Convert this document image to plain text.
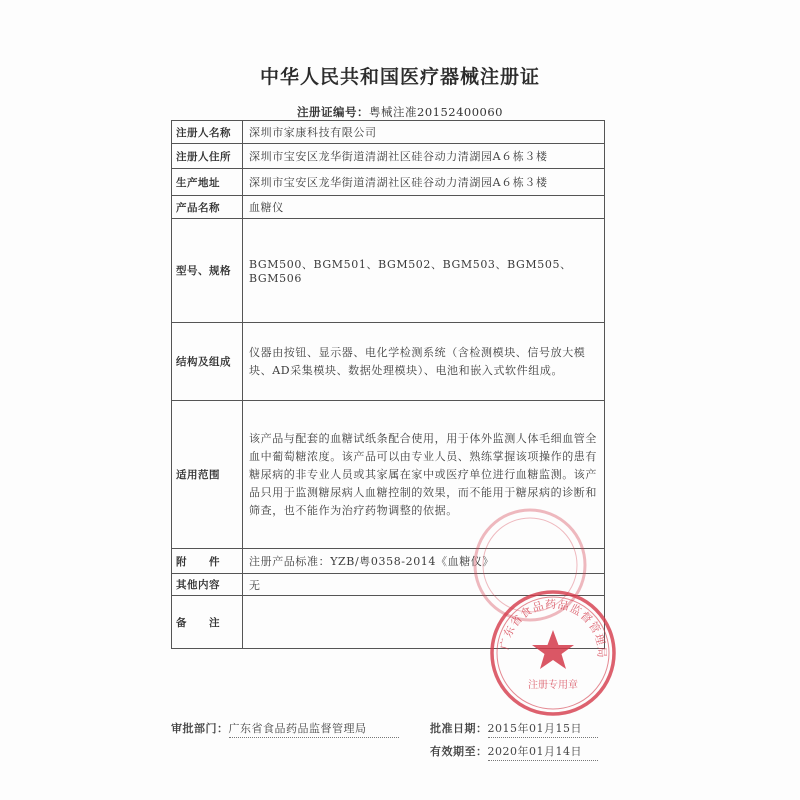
中华人民共和国医疗器械注册证
注册证编号：粤械注准20152400060
注册人名称	深圳市家康科技有限公司
注册人住所	深圳市宝安区龙华街道清湖社区硅谷动力清湖园A６栋３楼
生产地址	深圳市宝安区龙华街道清湖社区硅谷动力清湖园A６栋３楼
产品名称	血糖仪
型号、规格	BGM500、BGM501、BGM502、BGM503、BGM505、BGM506
结构及组成	仪器由按钮、显示器、电化学检测系统（含检测模块、信号放大模块、AD采集模块、数据处理模块）、电池和嵌入式软件组成。
适用范围	该产品与配套的血糖试纸条配合使用，用于体外监测人体毛细血管全血中葡萄糖浓度。该产品可以由专业人员、熟练掌握该项操作的患有糖尿病的非专业人员或其家属在家中或医疗单位进行血糖监测。该产品只用于监测糖尿病人血糖控制的效果，而不能用于糖尿病的诊断和筛查，也不能作为治疗药物调整的依据。
附　　件	注册产品标准：YZB/粤0358-2014《血糖仪》
其他内容	无
备　　注	
审批部门：广东省食品药品监督管理局	批准日期：2015年01月15日
有效期至：2020年01月14日
广东省食品药品监督管理局
注册专用章
